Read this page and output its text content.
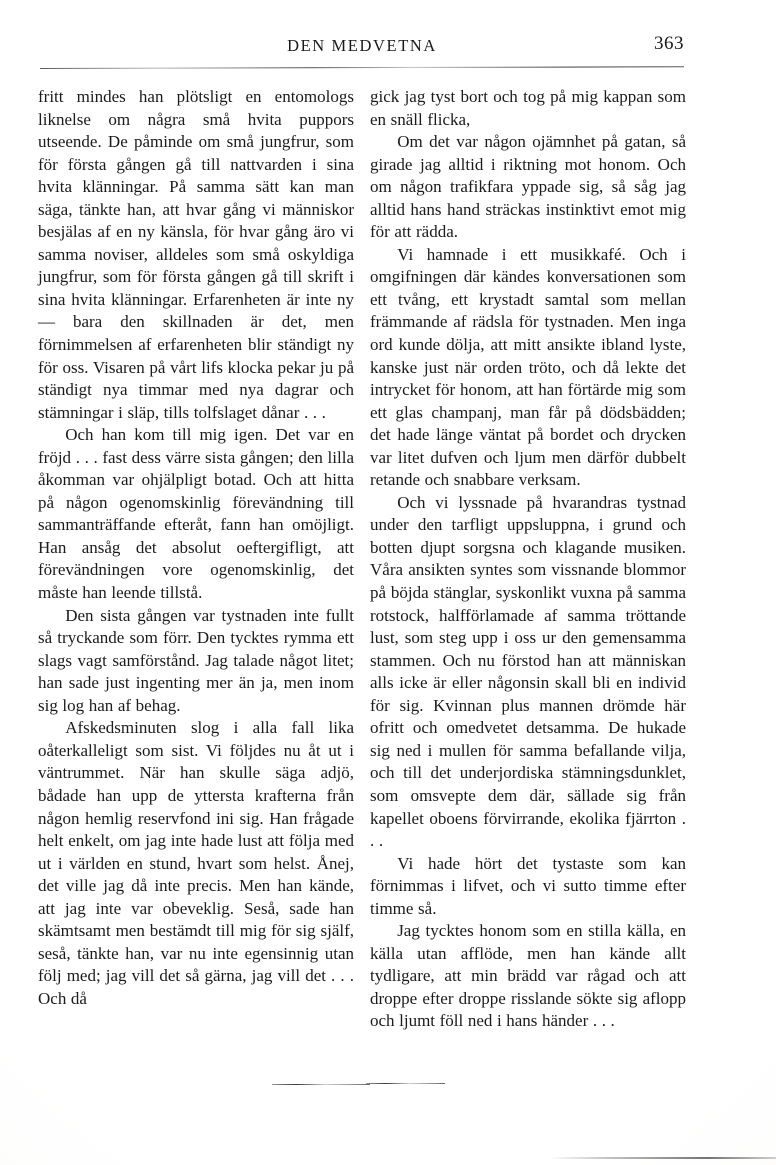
DEN MEDVETNA	363

fritt mindes han plötsligt en entomologs liknelse om några små hvita puppors utseende. De påminde om små jungfrur, som för första gången gå till nattvarden i sina hvita klänningar. På samma sätt kan man säga, tänkte han, att hvar gång vi människor besjälas af en ny känsla, för hvar gång äro vi samma noviser, alldeles som små oskyldiga jungfrur, som för första gången gå till skrift i sina hvita klänningar. Erfarenheten är inte ny — bara den skillnaden är det, men förnimmelsen af erfarenheten blir ständigt ny för oss. Visaren på vårt lifs klocka pekar ju på ständigt nya timmar med nya dagrar och stämningar i släp, tills tolfslaget dånar . . .

Och han kom till mig igen. Det var en fröjd . . . fast dess värre sista gången; den lilla åkomman var ohjälpligt botad. Och att hitta på någon ogenomskinlig förevändning till sammanträffande efteråt, fann han omöjligt. Han ansåg det absolut oeftergifligt, att förevändningen vore ogenomskinlig, det måste han leende tillstå.

Den sista gången var tystnaden inte fullt så tryckande som förr. Den tycktes rymma ett slags vagt samförstånd. Jag talade något litet; han sade just ingenting mer än ja, men inom sig log han af behag.

Afskedsminuten slog i alla fall lika oåterkalleligt som sist. Vi följdes nu åt ut i väntrummet. När han skulle säga adjö, bådade han upp de yttersta krafterna från någon hemlig reservfond ini sig. Han frågade helt enkelt, om jag inte hade lust att följa med ut i världen en stund, hvart som helst. Ånej, det ville jag då inte precis. Men han kände, att jag inte var obeveklig. Seså, sade han skämtsamt men bestämdt till mig för sig själf, seså, tänkte han, var nu inte egensinnig utan följ med; jag vill det så gärna, jag vill det . . . Och då

gick jag tyst bort och tog på mig kappan som en snäll flicka,

Om det var någon ojämnhet på gatan, så girade jag alltid i riktning mot honom. Och om någon trafikfara yppade sig, så såg jag alltid hans hand sträckas instinktivt emot mig för att rädda.

Vi hamnade i ett musikkafé. Och i omgifningen där kändes konversationen som ett tvång, ett krystadt samtal som mellan främmande af rädsla för tystnaden. Men inga ord kunde dölja, att mitt ansikte ibland lyste, kanske just när orden tröto, och då lekte det intrycket för honom, att han förtärde mig som ett glas champanj, man får på dödsbädden; det hade länge väntat på bordet och drycken var litet dufven och ljum men därför dubbelt retande och snabbare verksam.

Och vi lyssnade på hvarandras tystnad under den tarfligt uppsluppna, i grund och botten djupt sorgsna och klagande musiken. Våra ansikten syntes som vissnande blommor på böjda stänglar, syskonlikt vuxna på samma rotstock, halfförlamade af samma tröttande lust, som steg upp i oss ur den gemensamma stammen. Och nu förstod han att människan alls icke är eller någonsin skall bli en individ för sig. Kvinnan plus mannen drömde här ofritt och omedvetet detsamma. De hukade sig ned i mullen för samma befallande vilja, och till det underjordiska stämningsdunklet, som omsvepte dem där, sällade sig från kapellet oboens förvirrande, ekolika fjärrton . . .

Vi hade hört det tystaste som kan förnimmas i lifvet, och vi sutto timme efter timme så.

Jag tycktes honom som en stilla källa, en källa utan afflöde, men han kände allt tydligare, att min brädd var rågad och att droppe efter droppe risslande sökte sig aflopp och ljumt föll ned i hans händer . . .
